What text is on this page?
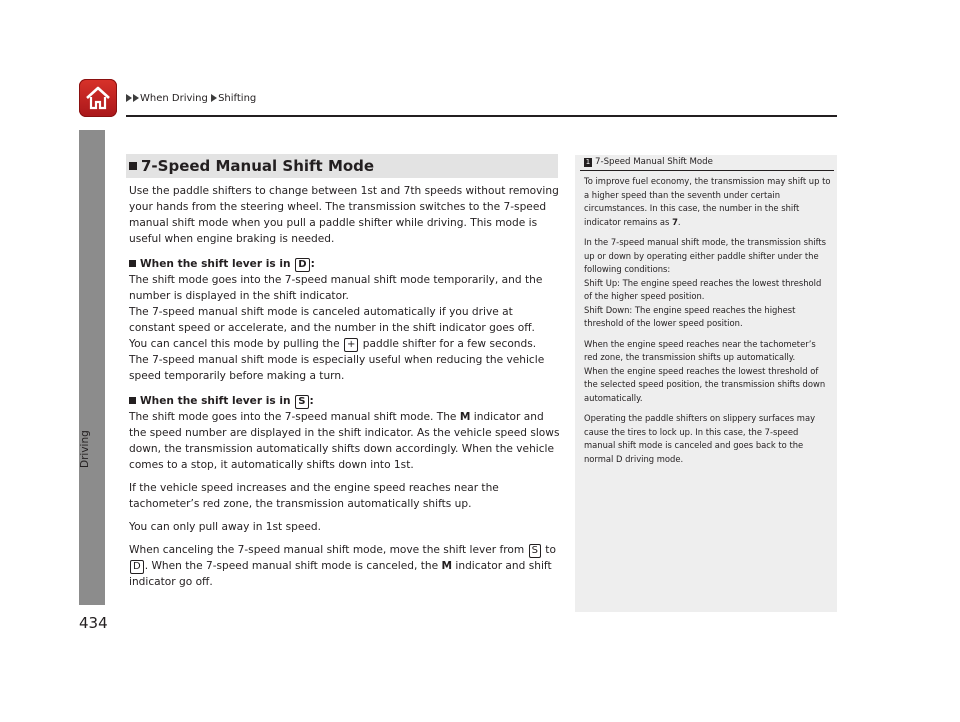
When Driving Shifting
Driving
434
7-Speed Manual Shift Mode

Use the paddle shifters to change between 1st and 7th speeds without removing your hands from the steering wheel. The transmission switches to the 7-speed manual shift mode when you pull a paddle shifter while driving. This mode is useful when engine braking is needed.

When the shift lever is in D :

The shift mode goes into the 7-speed manual shift mode temporarily, and the number is displayed in the shift indicator.

The 7-speed manual shift mode is canceled automatically if you drive at constant speed or accelerate, and the number in the shift indicator goes off.

You can cancel this mode by pulling the + paddle shifter for a few seconds.

The 7-speed manual shift mode is especially useful when reducing the vehicle speed temporarily before making a turn.

When the shift lever is in S :

The shift mode goes into the 7-speed manual shift mode. The M indicator and the speed number are displayed in the shift indicator. As the vehicle speed slows down, the transmission automatically shifts down accordingly. When the vehicle comes to a stop, it automatically shifts down into 1st.

If the vehicle speed increases and the engine speed reaches near the tachometer’s red zone, the transmission automatically shifts up.

You can only pull away in 1st speed.

When canceling the 7-speed manual shift mode, move the shift lever from S to D . When the 7-speed manual shift mode is canceled, the M indicator and shift indicator go off.

1 7-Speed Manual Shift Mode

To improve fuel economy, the transmission may shift up to a higher speed than the seventh under certain circumstances. In this case, the number in the shift indicator remains as 7.

In the 7-speed manual shift mode, the transmission shifts up or down by operating either paddle shifter under the following conditions:

Shift Up: The engine speed reaches the lowest threshold of the higher speed position.

Shift Down: The engine speed reaches the highest threshold of the lower speed position.

When the engine speed reaches near the tachometer’s red zone, the transmission shifts up automatically.

When the engine speed reaches the lowest threshold of the selected speed position, the transmission shifts down automatically.

Operating the paddle shifters on slippery surfaces may cause the tires to lock up. In this case, the 7-speed manual shift mode is canceled and goes back to the normal D driving mode.
